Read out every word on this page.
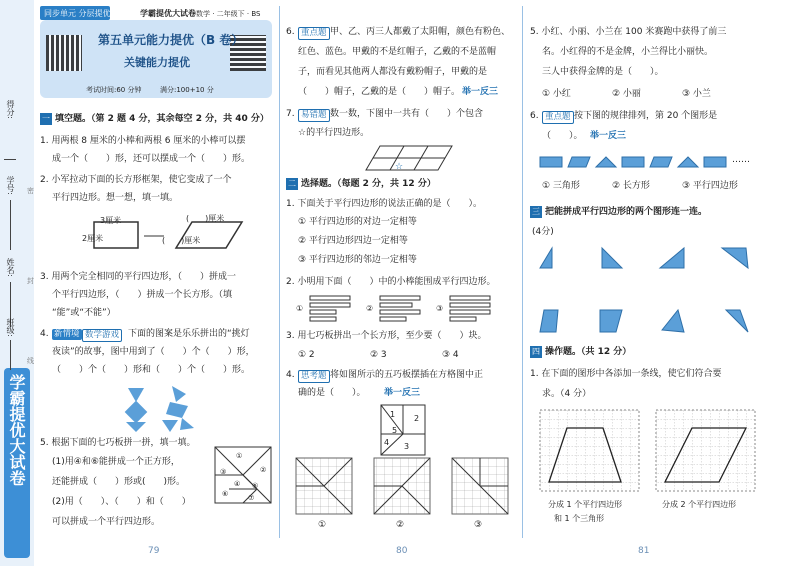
学霸提优大试卷
得分:
学号:
姓名:
班级:
密
封
线
同步单元 分层提优	学霸提优大试卷 数学 · 二年级下 · BS
第五单元能力提优（B 卷）
关键能力提优
考试时间:60 分钟	满分:100+10 分
一 填空题。（第 2 题 4 分，其余每空 2 分，共 40 分）
1. 用两根 8 厘米的小棒和两根 6 厘米的小棒可以摆
成一个（　　）形，还可以摆成一个（　　）形。
2. 小军拉动下面的长方形框架，使它变成了一个
平行四边形。想一想，填一填。
3厘米
2厘米
(　　)厘米
(　　)厘米
3. 用两个完全相同的平行四边形，（　　）拼成一
个平行四边形，（　　）拼成一个长方形。（填
“能”或“不能”）
4. 新情境 数学游戏 下面的图案是乐乐拼出的“挑灯
夜读”的故事，图中用到了（　　）个（　　）形，
（　　）个（　　）形和（　　）个（　　）形。
5. 根据下面的七巧板拼一拼，填一填。
(1)用④和⑥能拼成一个正方形，
还能拼成（　　）形或(　　)形。
(2)用（　　）、（　　）和（　　）
可以拼成一个平行四边形。
①
②
③
④ ⑤
⑥	⑦
79
6. 重点题 甲、乙、丙三人都戴了太阳帽，颜色有粉色、
红色、蓝色。甲戴的不是红帽子，乙戴的不是蓝帽
子，而看见其他两人都没有戴粉帽子，甲戴的是
（　　）帽子，乙戴的是（　　）帽子。 举一反三
7. 易错题 数一数，下图中一共有（　　）个包含
☆的平行四边形。
☆
二 选择题。（每题 2 分，共 12 分）
1. 下面关于平行四边形的说法正确的是（　　）。
① 平行四边形的对边一定相等
② 平行四边形四边一定相等
③ 平行四边形的邻边一定相等
2. 小明用下面（　　）中的小棒能围成平行四边形。
①	②	③
3. 用七巧板拼出一个长方形，至少要（　　）块。
① 2	② 3	③ 4
4. 思考题 将如图所示的五巧板摆插在方格图中正
确的是（　　）。 举一反三
1 2
3
4
5
①	②	③
80
5. 小红、小丽、小兰在 100 米赛跑中获得了前三
名。小红得的不是金牌，小兰得比小丽快。
三人中获得金牌的是（　　）。
① 小红	② 小丽	③ 小兰
6. 重点题 按下图的规律排列，第 20 个图形是
（　　）。 举一反三
……
① 三角形	② 长方形	③ 平行四边形
三 把能拼成平行四边形的两个图形连一连。
(4分)
四 操作题。（共 12 分）
1. 在下面的图形中各添加一条线，使它们符合要
求。（4 分）
分成 1 个平行四边形
和 1 个三角形
分成 2 个平行四边形
81
